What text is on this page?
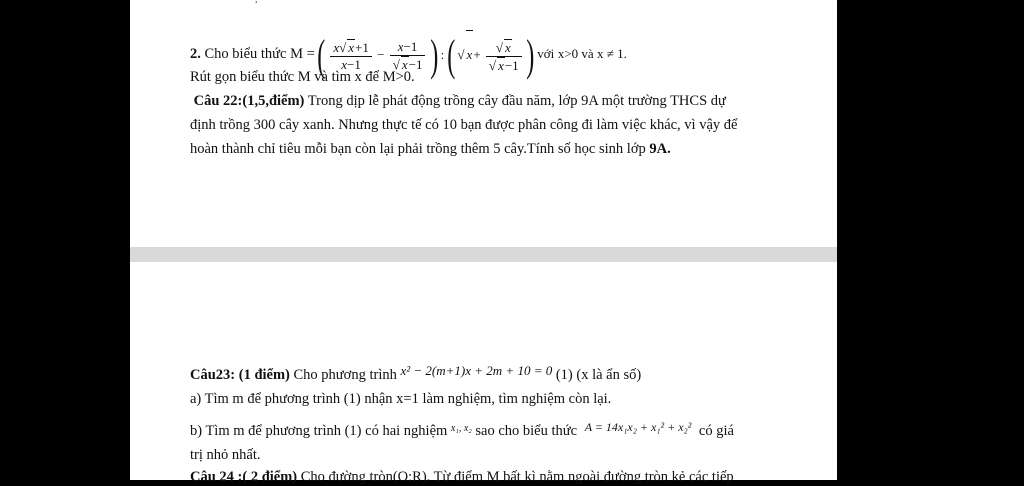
2. Cho biểu thức M = ( $\frac{x√ x+1}{x-1} - \frac{x-1}{√ x-1}$ ) : ( √ $x+ \frac{√ x}{√ x-1}$ ) với x>0 và x ≠ 1.
Rút gọn biểu thức M và tìm x để M>0.
Câu 22:(1,5,điểm) Trong dịp lễ phát động trồng cây đầu năm, lớp 9A một trường THCS dự
định trồng 300 cây xanh. Nhưng thực tế có 10 bạn được phân công đi làm việc khác, vì vậy để
hoàn thành chỉ tiêu mỗi bạn còn lại phải trồng thêm 5 cây.Tính số học sinh lớp 9A.
Câu23: (1 điểm) Cho phương trình x² − 2(m+1)x + 2m + 10 = 0 (1) (x là ẩn số)
a) Tìm m để phương trình (1) nhận x=1 làm nghiệm, tìm nghiệm còn lại.
b) Tìm m để phương trình (1) có hai nghiệm $^{x_1, x_2}$ sao cho biểu thức $^{A = 14x_1x_2 + x_1^2 + x_2^2}$ có giá
trị nhỏ nhất.
Câu 24 :( 2 điểm) Cho đường tròn(O;R). Từ điểm M bất kì nằm ngoài đường tròn kẻ các tiếp
